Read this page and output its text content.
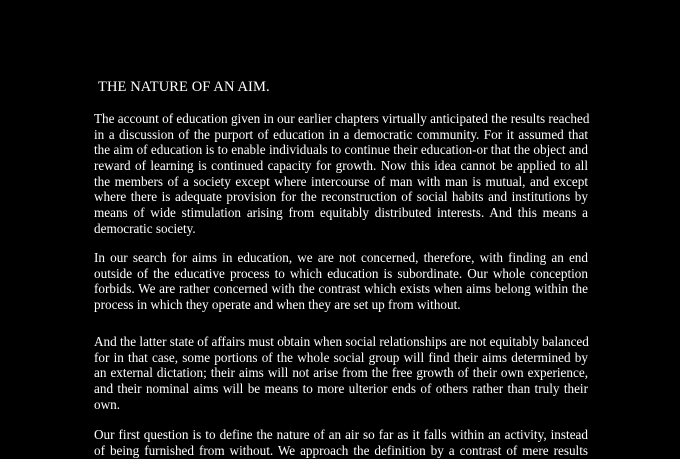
THE NATURE OF AN AIM.
The account of education given in our earlier chapters virtually anticipated the results reached
in a discussion of the purport of education in a democratic community. For it assumed that
the aim of education is to enable individuals to continue their education-or that the object and
reward of learning is continued capacity for growth. Now this idea cannot be applied to all
the members of a society except where intercourse of man with man is mutual, and except
where there is adequate provision for the reconstruction of social habits and institutions by
means of wide stimulation arising from equitably distributed interests. And this means a
democratic society.
In our search for aims in education, we are not concerned, therefore, with finding an end
outside of the educative process to which education is subordinate. Our whole conception
forbids. We are rather concerned with the contrast which exists when aims belong within the
process in which they operate and when they are set up from without.
And the latter state of affairs must obtain when social relationships are not equitably balanced
for in that case, some portions of the whole social group will find their aims determined by
an external dictation; their aims will not arise from the free growth of their own experience,
and their nominal aims will be means to more ulterior ends of others rather than truly their
own.
Our first question is to define the nature of an air so far as it falls within an activity, instead
of being furnished from without. We approach the definition by a contrast of mere results
